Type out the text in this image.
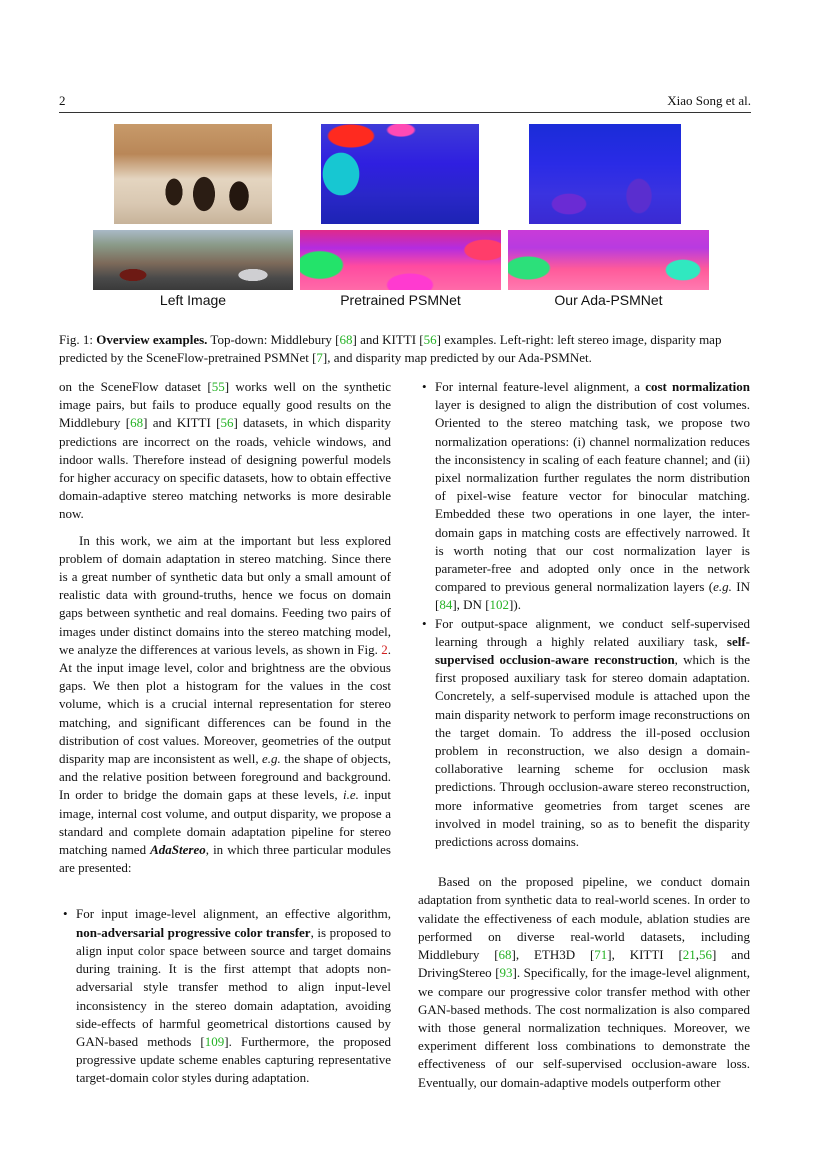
2	Xiao Song et al.
Left Image	Pretrained PSMNet	Our Ada-PSMNet
Fig. 1: Overview examples. Top-down: Middlebury [68] and KITTI [56] examples. Left-right: left stereo image, disparity map predicted by the SceneFlow-pretrained PSMNet [7], and disparity map predicted by our Ada-PSMNet.

on the SceneFlow dataset [55] works well on the synthetic image pairs, but fails to produce equally good results on the Middlebury [68] and KITTI [56] datasets, in which disparity predictions are incorrect on the roads, vehicle windows, and indoor walls. Therefore instead of designing powerful models for higher accuracy on specific datasets, how to obtain effective domain-adaptive stereo matching networks is more desirable now.

In this work, we aim at the important but less explored problem of domain adaptation in stereo matching. Since there is a great number of synthetic data but only a small amount of realistic data with ground-truths, hence we focus on domain gaps between synthetic and real domains. Feeding two pairs of images under distinct domains into the stereo matching model, we analyze the differences at various levels, as shown in Fig. 2. At the input image level, color and brightness are the obvious gaps. We then plot a histogram for the values in the cost volume, which is a crucial internal representation for stereo matching, and significant differences can be found in the distribution of cost values. Moreover, geometries of the output disparity map are inconsistent as well, e.g. the shape of objects, and the relative position between foreground and background. In order to bridge the domain gaps at these levels, i.e. input image, internal cost volume, and output disparity, we propose a standard and complete domain adaptation pipeline for stereo matching named AdaStereo, in which three particular modules are presented:

• For input image-level alignment, an effective algorithm, non-adversarial progressive color transfer, is proposed to align input color space between source and target domains during training. It is the first attempt that adopts non-adversarial style transfer method to align input-level inconsistency in the stereo domain adaptation, avoiding side-effects of harmful geometrical distortions caused by GAN-based methods [109]. Furthermore, the proposed progressive update scheme enables capturing representative target-domain color styles during adaptation.
• For internal feature-level alignment, a cost normalization layer is designed to align the distribution of cost volumes. Oriented to the stereo matching task, we propose two normalization operations: (i) channel normalization reduces the inconsistency in scaling of each feature channel; and (ii) pixel normalization further regulates the norm distribution of pixel-wise feature vector for binocular matching. Embedded these two operations in one layer, the inter-domain gaps in matching costs are effectively narrowed. It is worth noting that our cost normalization layer is parameter-free and adopted only once in the network compared to previous general normalization layers (e.g. IN [84], DN [102]).
• For output-space alignment, we conduct self-supervised learning through a highly related auxiliary task, self-supervised occlusion-aware reconstruction, which is the first proposed auxiliary task for stereo domain adaptation. Concretely, a self-supervised module is attached upon the main disparity network to perform image reconstructions on the target domain. To address the ill-posed occlusion problem in reconstruction, we also design a domain-collaborative learning scheme for occlusion mask predictions. Through occlusion-aware stereo reconstruction, more informative geometries from target scenes are involved in model training, so as to benefit the disparity predictions across domains.

Based on the proposed pipeline, we conduct domain adaptation from synthetic data to real-world scenes. In order to validate the effectiveness of each module, ablation studies are performed on diverse real-world datasets, including Middlebury [68], ETH3D [71], KITTI [21,56] and DrivingStereo [93]. Specifically, for the image-level alignment, we compare our progressive color transfer method with other GAN-based methods. The cost normalization is also compared with those general normalization techniques. Moreover, we experiment different loss combinations to demonstrate the effectiveness of our self-supervised occlusion-aware loss. Eventually, our domain-adaptive models outperform other
